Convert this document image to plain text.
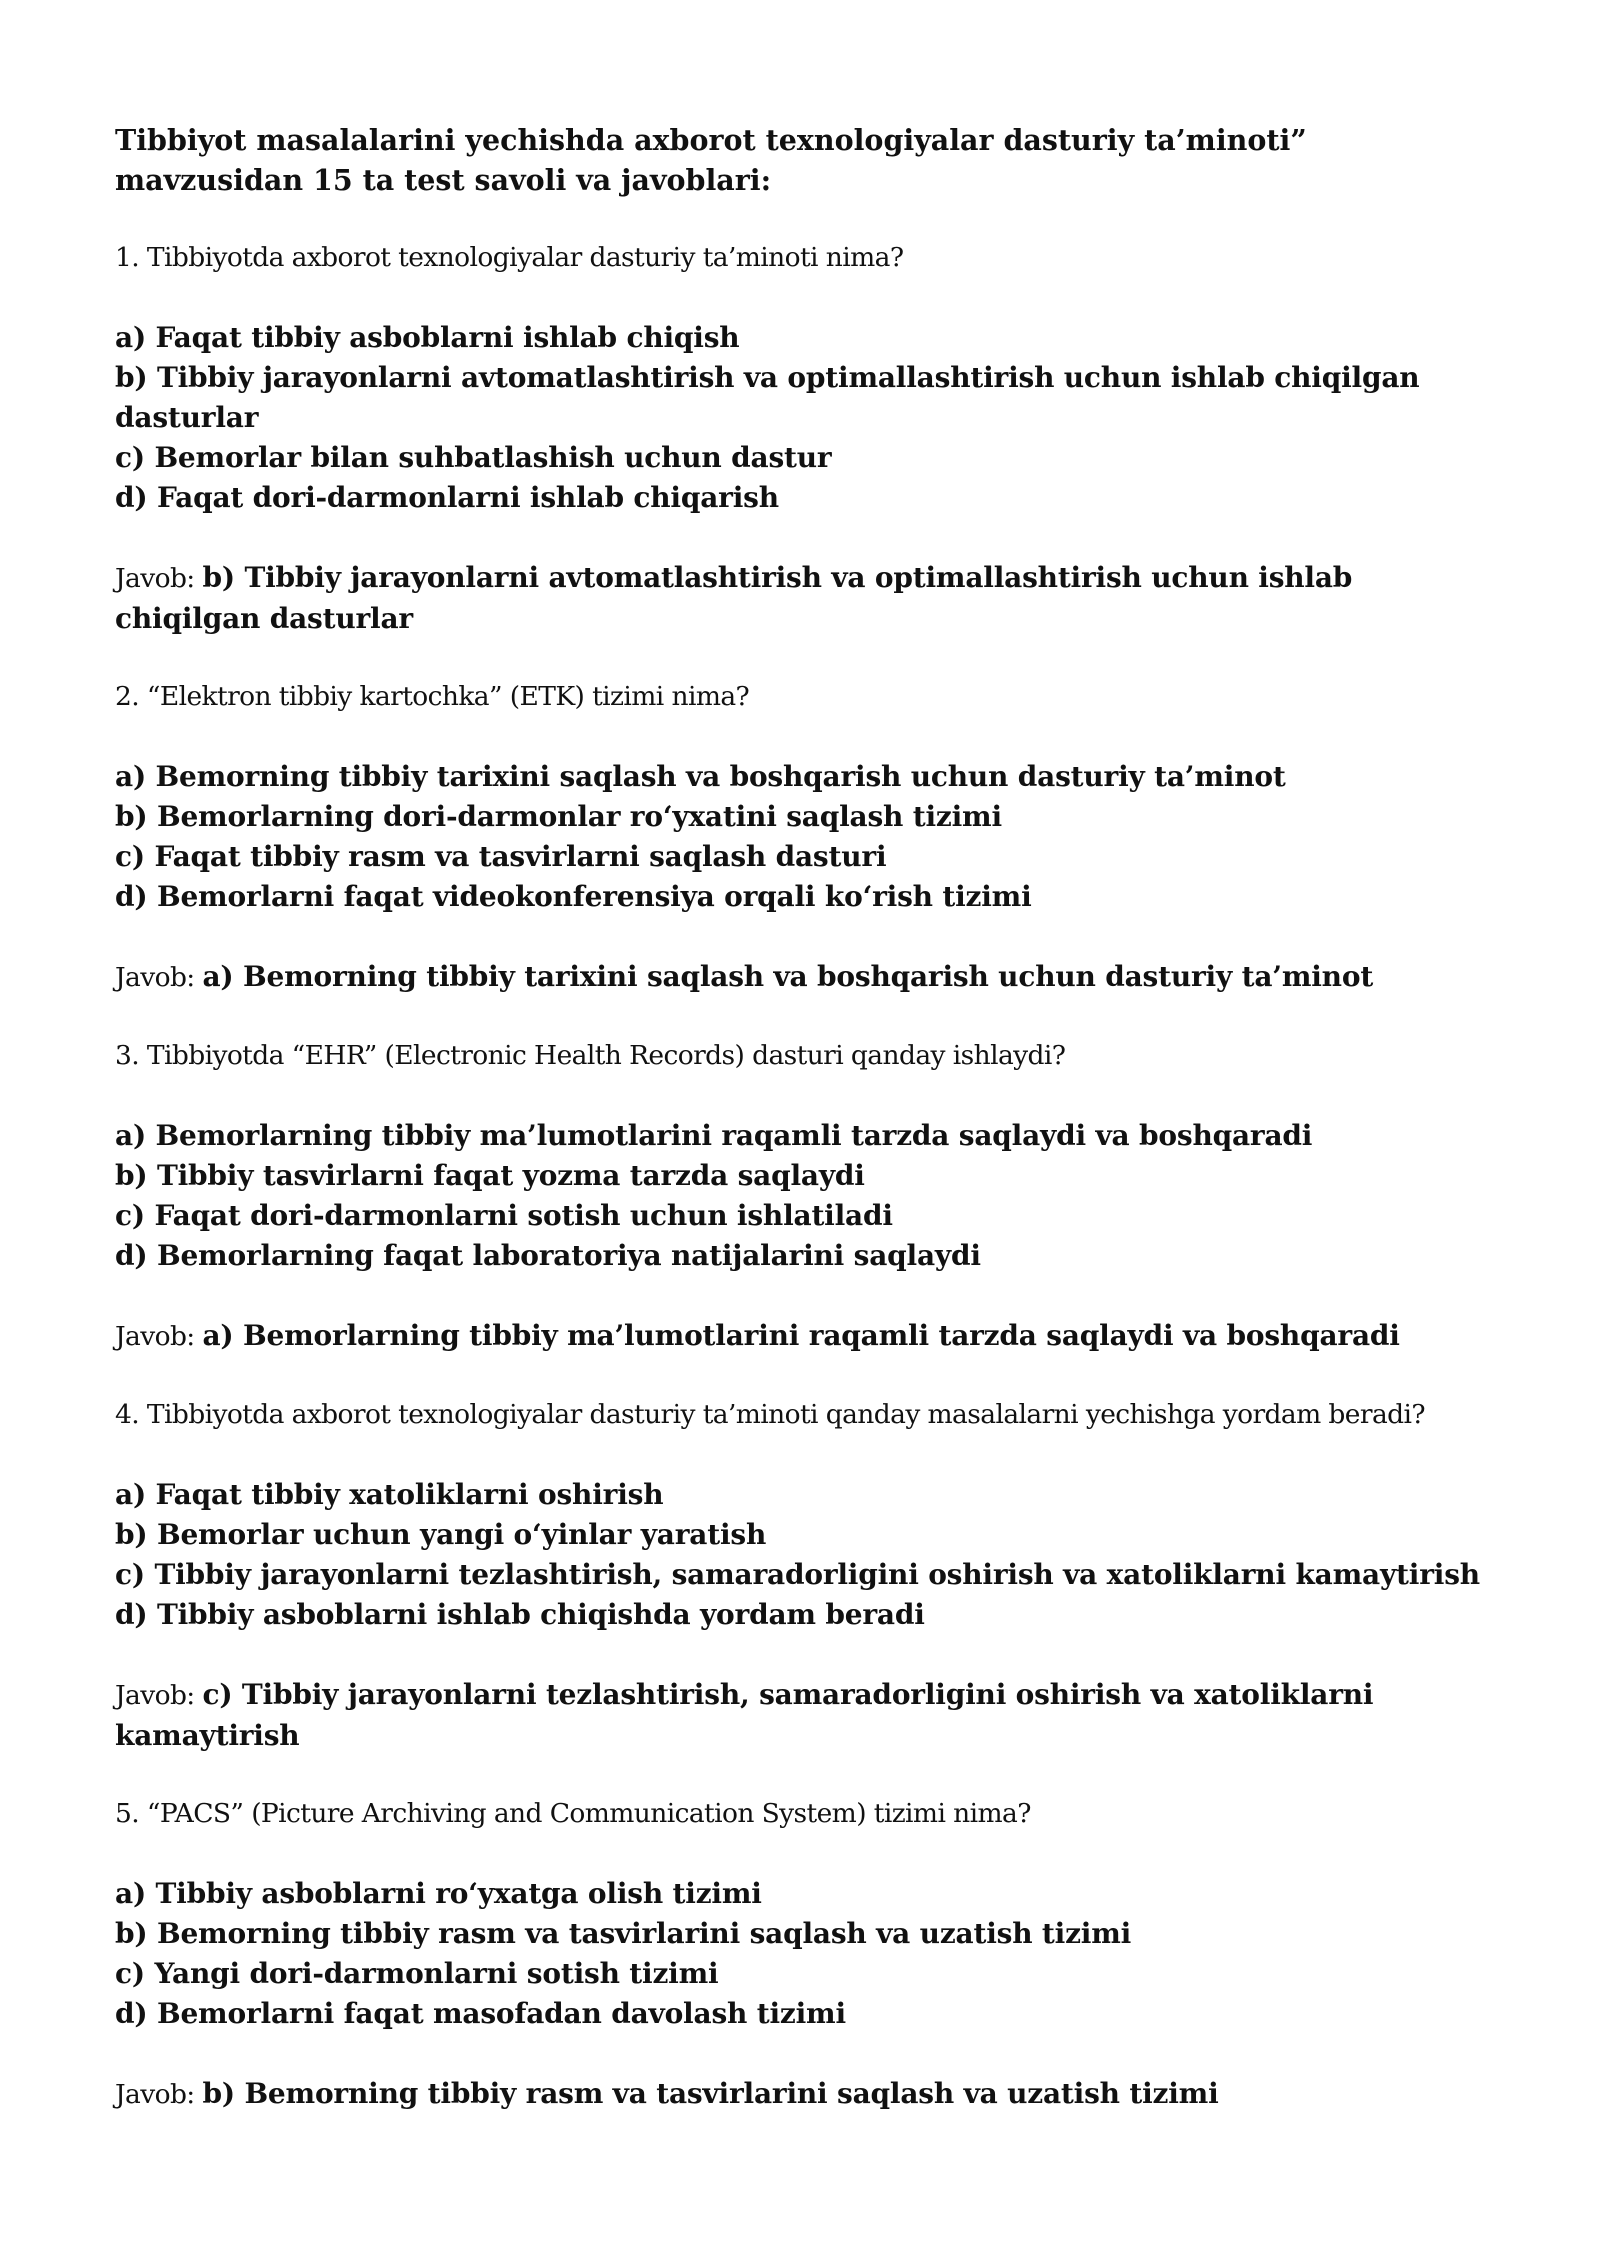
Tibbiyot masalalarini yechishda axborot texnologiyalar dasturiy ta’minoti” mavzusidan 15 ta test savoli va javoblari:

1. Tibbiyotda axborot texnologiyalar dasturiy ta’minoti nima?
a) Faqat tibbiy asboblarni ishlab chiqish
b) Tibbiy jarayonlarni avtomatlashtirish va optimallashtirish uchun ishlab chiqilgan dasturlar
c) Bemorlar bilan suhbatlashish uchun dastur
d) Faqat dori-darmonlarni ishlab chiqarish
Javob: b) Tibbiy jarayonlarni avtomatlashtirish va optimallashtirish uchun ishlab chiqilgan dasturlar
2. “Elektron tibbiy kartochka” (ETK) tizimi nima?
a) Bemorning tibbiy tarixini saqlash va boshqarish uchun dasturiy ta’minot
b) Bemorlarning dori-darmonlar ro‘yxatini saqlash tizimi
c) Faqat tibbiy rasm va tasvirlarni saqlash dasturi
d) Bemorlarni faqat videokonferensiya orqali ko‘rish tizimi
Javob: a) Bemorning tibbiy tarixini saqlash va boshqarish uchun dasturiy ta’minot
3. Tibbiyotda “EHR” (Electronic Health Records) dasturi qanday ishlaydi?
a) Bemorlarning tibbiy ma’lumotlarini raqamli tarzda saqlaydi va boshqaradi
b) Tibbiy tasvirlarni faqat yozma tarzda saqlaydi
c) Faqat dori-darmonlarni sotish uchun ishlatiladi
d) Bemorlarning faqat laboratoriya natijalarini saqlaydi
Javob: a) Bemorlarning tibbiy ma’lumotlarini raqamli tarzda saqlaydi va boshqaradi
4. Tibbiyotda axborot texnologiyalar dasturiy ta’minoti qanday masalalarni yechishga yordam beradi?
a) Faqat tibbiy xatoliklarni oshirish
b) Bemorlar uchun yangi o‘yinlar yaratish
c) Tibbiy jarayonlarni tezlashtirish, samaradorligini oshirish va xatoliklarni kamaytirish
d) Tibbiy asboblarni ishlab chiqishda yordam beradi
Javob: c) Tibbiy jarayonlarni tezlashtirish, samaradorligini oshirish va xatoliklarni kamaytirish
5. “PACS” (Picture Archiving and Communication System) tizimi nima?
a) Tibbiy asboblarni ro‘yxatga olish tizimi
b) Bemorning tibbiy rasm va tasvirlarini saqlash va uzatish tizimi
c) Yangi dori-darmonlarni sotish tizimi
d) Bemorlarni faqat masofadan davolash tizimi
Javob: b) Bemorning tibbiy rasm va tasvirlarini saqlash va uzatish tizimi
